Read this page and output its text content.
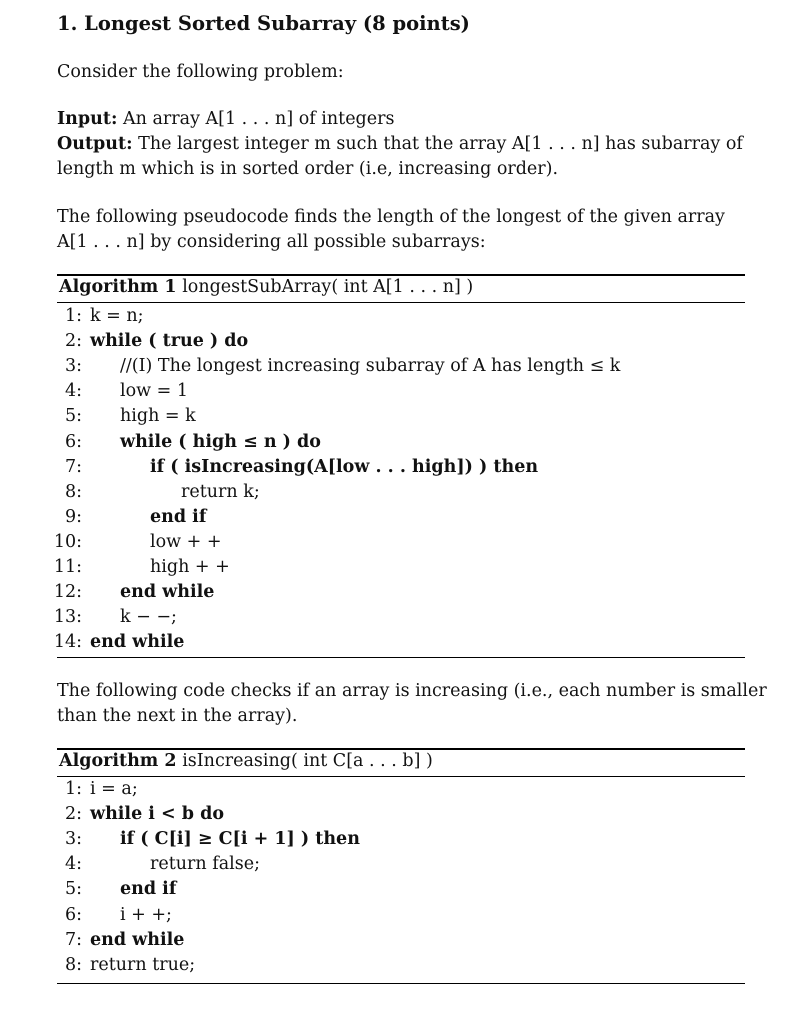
1. Longest Sorted Subarray (8 points)
Consider the following problem:
Input: An array A[1 . . . n] of integers
Output: The largest integer m such that the array A[1 . . . n] has subarray of
length m which is in sorted order (i.e, increasing order).
The following pseudocode finds the length of the longest of the given array
A[1 . . . n] by considering all possible subarrays:
Algorithm 1 longestSubArray( int A[1 . . . n] )
1: k = n;
2: while ( true ) do
3: //(I) The longest increasing subarray of A has length ≤ k
4: low = 1
5: high = k
6: while ( high ≤ n ) do
7:	if ( isIncreasing(A[low . . . high]) ) then
8:	return k;
9:	end if
10:	low + +
11:	high + +
12: end while
13: k − −;
14: end while
The following code checks if an array is increasing (i.e., each number is smaller
than the next in the array).
Algorithm 2 isIncreasing( int C[a . . . b] )
1: i = a;
2: while i < b do
3: if ( C[i] ≥ C[i + 1] ) then
4:	return false;
5: end if
6: i + +;
7: end while
8: return true;
